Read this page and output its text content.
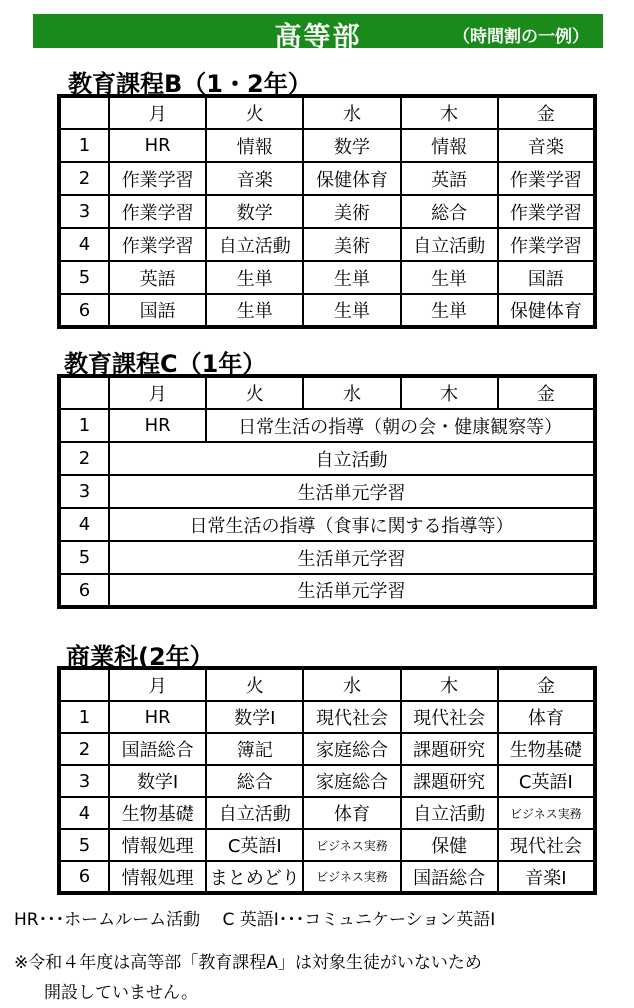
高等部	（時間割の一例）
教育課程B（1・2年）
	月	火	水	木	金
1	HR	情報	数学	情報	音楽
2	作業学習	音楽	保健体育	英語	作業学習
3	作業学習	数学	美術	総合	作業学習
4	作業学習	自立活動	美術	自立活動	作業学習
5	英語	生単	生単	生単	国語
6	国語	生単	生単	生単	保健体育
教育課程C（1年）
	月	火	水	木	金
1	HR	日常生活の指導（朝の会・健康観察等）			
2	自立活動				
3	生活単元学習				
4	日常生活の指導（食事に関する指導等）				
5	生活単元学習				
6	生活単元学習				
商業科(2年）
	月	火	水	木	金
1	HR	数学Ⅰ	現代社会	現代社会	体育
2	国語総合	簿記	家庭総合	課題研究	生物基礎
3	数学Ⅰ	総合	家庭総合	課題研究	C英語Ⅰ
4	生物基礎	自立活動	体育	自立活動	ビジネス実務
5	情報処理	C英語Ⅰ	ビジネス実務	保健	現代社会
6	情報処理	まとめどり	ビジネス実務	国語総合	音楽Ⅰ
HR･･･ホームルーム活動　 C 英語Ⅰ･･･コミュニケーション英語Ⅰ
※令和４年度は高等部「教育課程A」は対象生徒がいないため
開設していません。
